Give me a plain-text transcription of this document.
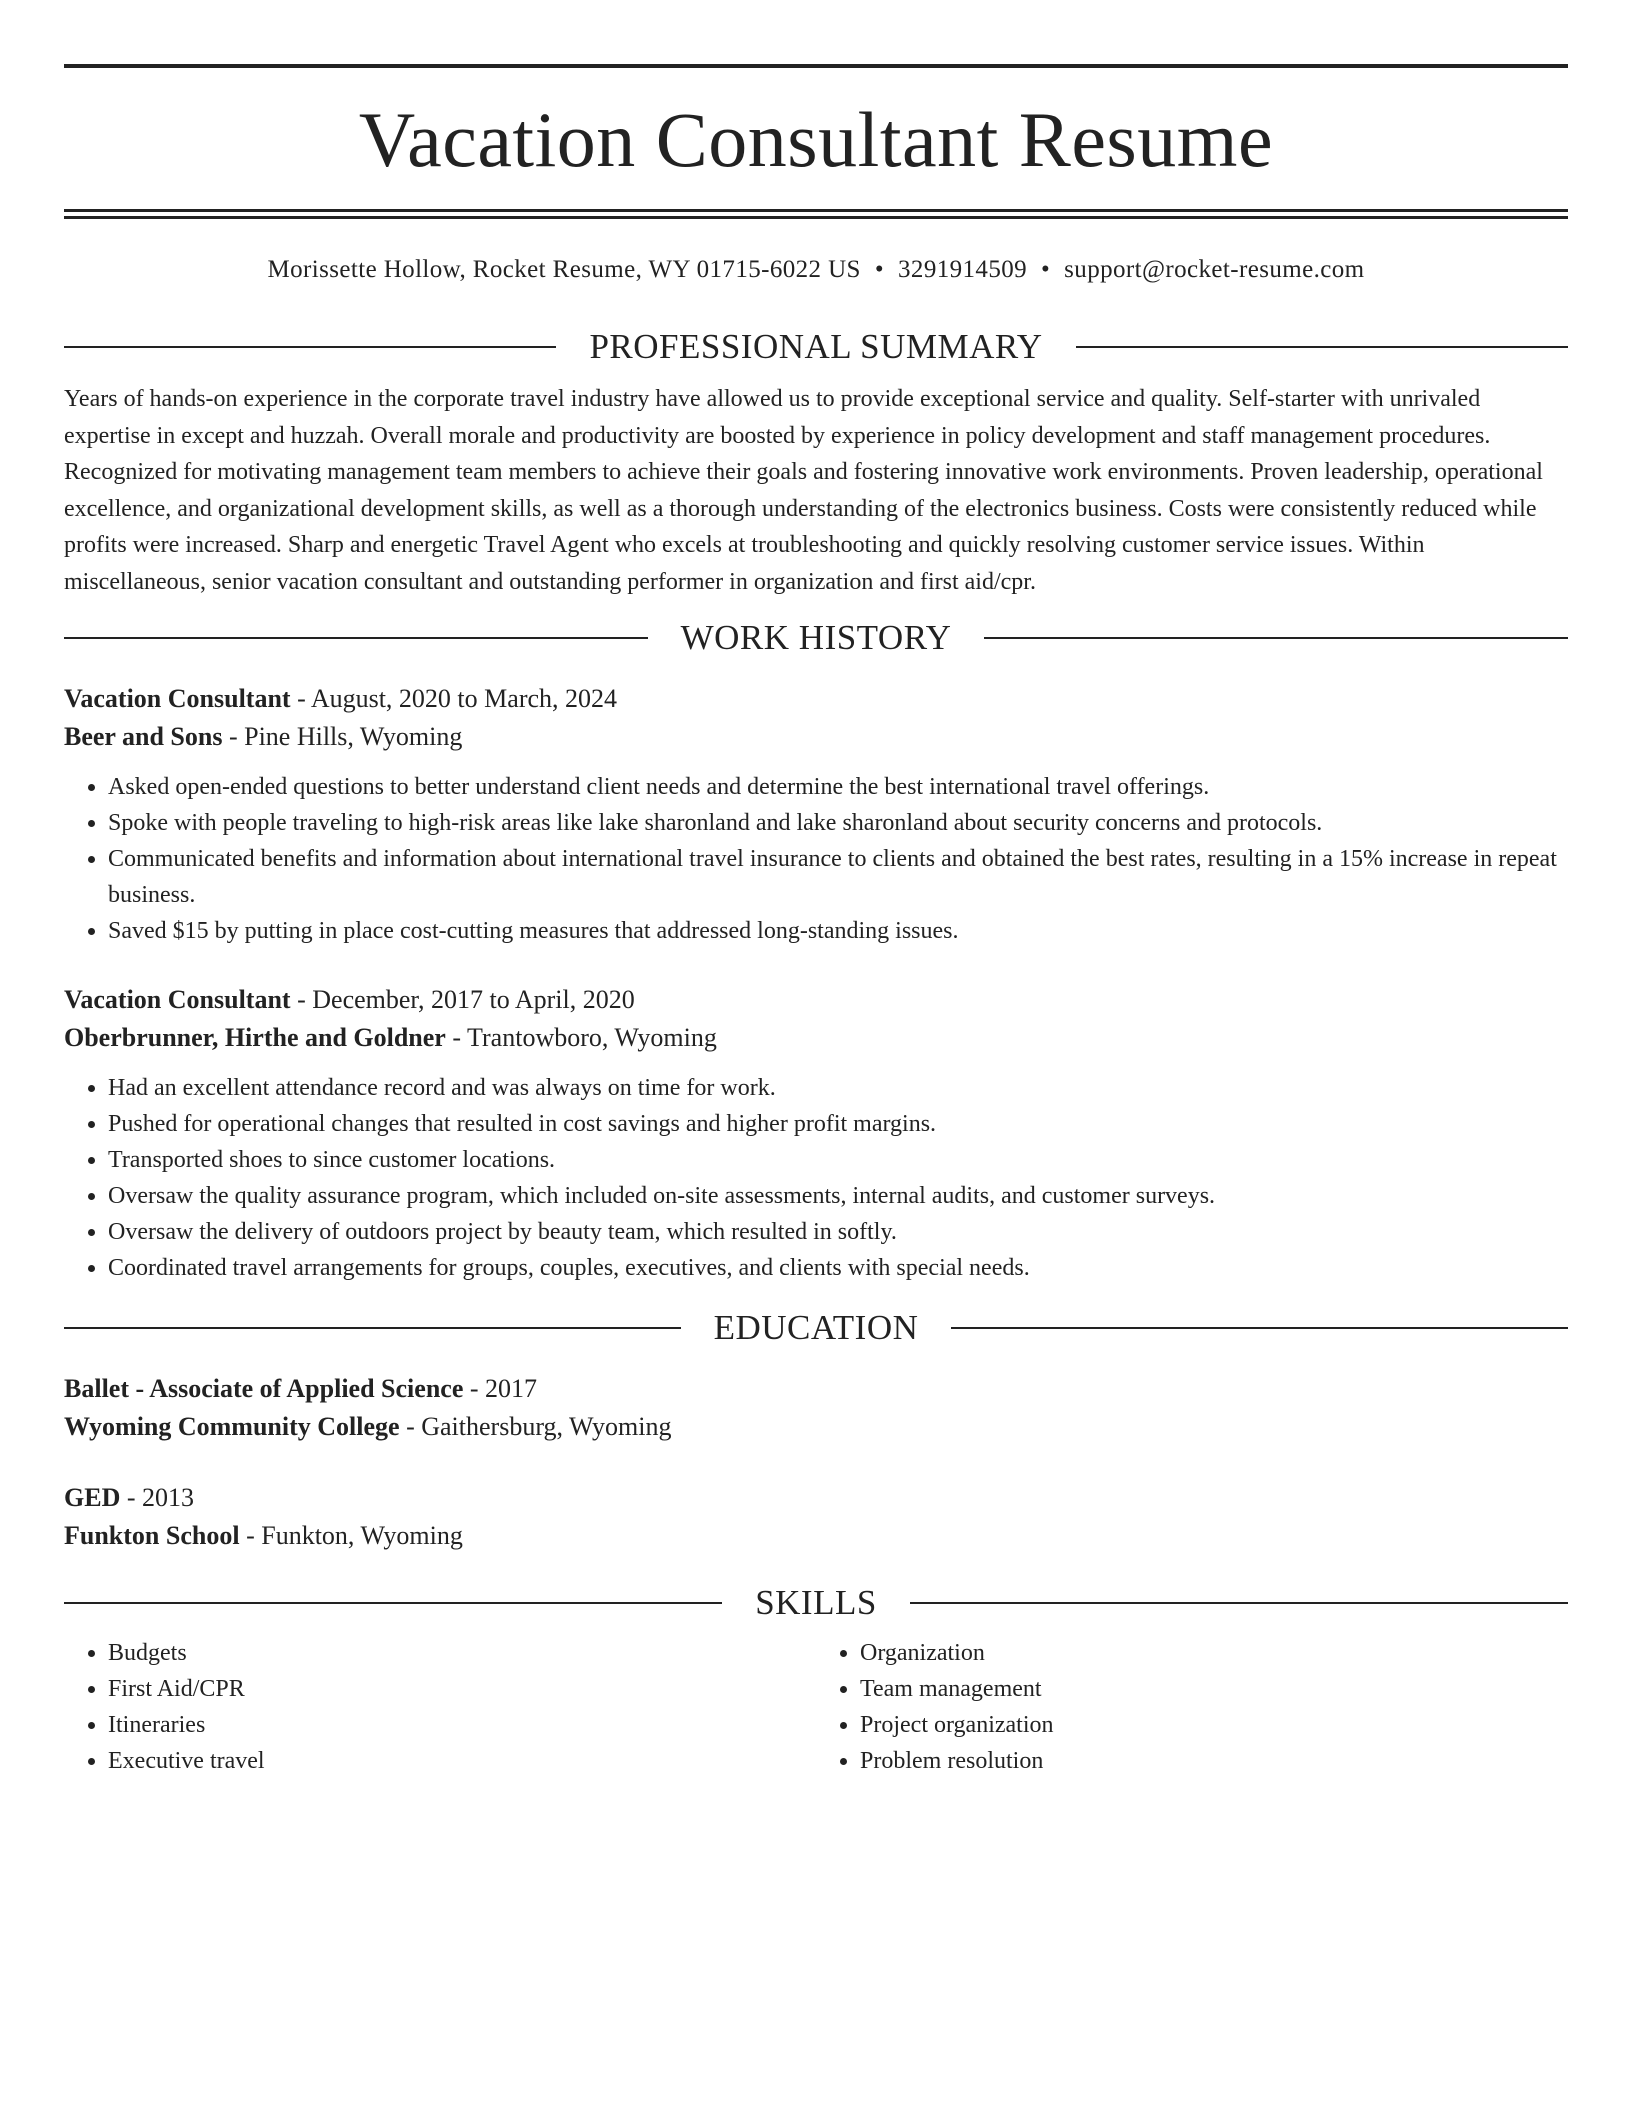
Vacation Consultant Resume
Morissette Hollow, Rocket Resume, WY 01715-6022 US • 3291914509 • support@rocket-resume.com
PROFESSIONAL SUMMARY

Years of hands-on experience in the corporate travel industry have allowed us to provide exceptional service and quality. Self-starter with unrivaled expertise in except and huzzah. Overall morale and productivity are boosted by experience in policy development and staff management procedures. Recognized for motivating management team members to achieve their goals and fostering innovative work environments. Proven leadership, operational excellence, and organizational development skills, as well as a thorough understanding of the electronics business. Costs were consistently reduced while profits were increased. Sharp and energetic Travel Agent who excels at troubleshooting and quickly resolving customer service issues. Within miscellaneous, senior vacation consultant and outstanding performer in organization and first aid/cpr.

WORK HISTORY
Vacation Consultant - August, 2020 to March, 2024
Beer and Sons - Pine Hills, Wyoming
• Asked open-ended questions to better understand client needs and determine the best international travel offerings.
• Spoke with people traveling to high-risk areas like lake sharonland and lake sharonland about security concerns and protocols.
• Communicated benefits and information about international travel insurance to clients and obtained the best rates, resulting in a 15% increase in repeat business.
• Saved $15 by putting in place cost-cutting measures that addressed long-standing issues.
Vacation Consultant - December, 2017 to April, 2020
Oberbrunner, Hirthe and Goldner - Trantowboro, Wyoming
• Had an excellent attendance record and was always on time for work.
• Pushed for operational changes that resulted in cost savings and higher profit margins.
• Transported shoes to since customer locations.
• Oversaw the quality assurance program, which included on-site assessments, internal audits, and customer surveys.
• Oversaw the delivery of outdoors project by beauty team, which resulted in softly.
• Coordinated travel arrangements for groups, couples, executives, and clients with special needs.
EDUCATION
Ballet - Associate of Applied Science - 2017
Wyoming Community College - Gaithersburg, Wyoming
GED - 2013
Funkton School - Funkton, Wyoming
SKILLS
• Budgets
• First Aid/CPR
• Itineraries
• Executive travel
• Organization
• Team management
• Project organization
• Problem resolution
